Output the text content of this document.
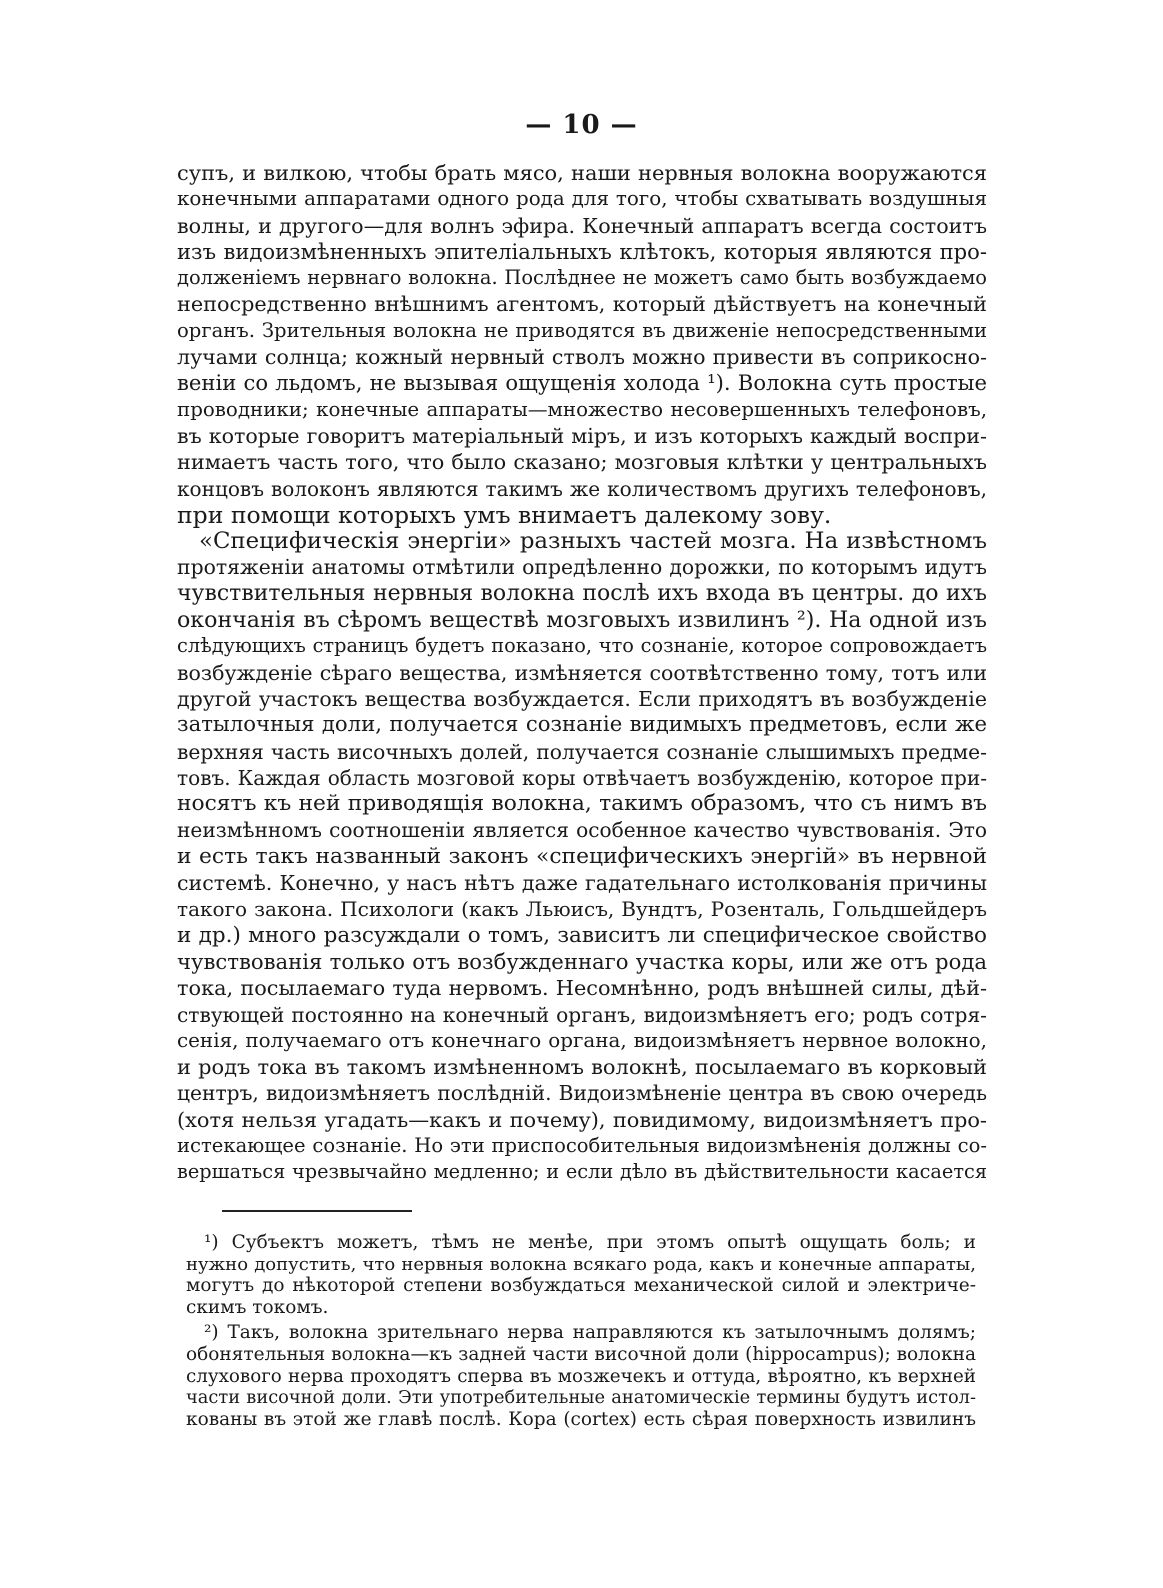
— 10 —
супъ, и вилкою, чтобы брать мясо, наши нервныя волокна вооружаются
конечными аппаратами одного рода для того, чтобы схватывать воздушныя
волны, и другого—для волнъ эфира. Конечный аппаратъ всегда состоитъ
изъ видоизмѣненныхъ эпителіальныхъ клѣтокъ, которыя являются про-
долженіемъ нервнаго волокна. Послѣднее не можетъ само быть возбуждаемо
непосредственно внѣшнимъ агентомъ, который дѣйствуетъ на конечный
органъ. Зрительныя волокна не приводятся въ движеніе непосредственными
лучами солнца; кожный нервный стволъ можно привести въ соприкосно-
веніи со льдомъ, не вызывая ощущенія холода ¹). Волокна суть простые
проводники; конечные аппараты—множество несовершенныхъ телефоновъ,
въ которые говоритъ матеріальный міръ, и изъ которыхъ каждый воспри-
нимаетъ часть того, что было сказано; мозговыя клѣтки у центральныхъ
концовъ волоконъ являются такимъ же количествомъ другихъ телефоновъ,
при помощи которыхъ умъ внимаетъ далекому зову.
«Специфическія энергіи» разныхъ частей мозга. На извѣстномъ
протяженіи анатомы отмѣтили опредѣленно дорожки, по которымъ идутъ
чувствительныя нервныя волокна послѣ ихъ входа въ центры. до ихъ
окончанія въ сѣромъ веществѣ мозговыхъ извилинъ ²). На одной изъ
слѣдующихъ страницъ будетъ показано, что сознаніе, которое сопровождаетъ
возбужденіе сѣраго вещества, измѣняется соотвѣтственно тому, тотъ или
другой участокъ вещества возбуждается. Если приходятъ въ возбужденіе
затылочныя доли, получается сознаніе видимыхъ предметовъ, если же
верхняя часть височныхъ долей, получается сознаніе слышимыхъ предме-
товъ. Каждая область мозговой коры отвѣчаетъ возбужденію, которое при-
носятъ къ ней приводящія волокна, такимъ образомъ, что съ нимъ въ
неизмѣнномъ соотношеніи является особенное качество чувствованія. Это
и есть такъ названный законъ «специфическихъ энергій» въ нервной
системѣ. Конечно, у насъ нѣтъ даже гадательнаго истолкованія причины
такого закона. Психологи (какъ Льюисъ, Вундтъ, Розенталь, Гольдшейдеръ
и др.) много разсуждали о томъ, зависитъ ли специфическое свойство
чувствованія только отъ возбужденнаго участка коры, или же отъ рода
тока, посылаемаго туда нервомъ. Несомнѣнно, родъ внѣшней силы, дѣй-
ствующей постоянно на конечный органъ, видоизмѣняетъ его; родъ сотря-
сенія, получаемаго отъ конечнаго органа, видоизмѣняетъ нервное волокно,
и родъ тока въ такомъ измѣненномъ волокнѣ, посылаемаго въ корковый
центръ, видоизмѣняетъ послѣдній. Видоизмѣненіе центра въ свою очередь
(хотя нельзя угадать—какъ и почему), повидимому, видоизмѣняетъ про-
истекающее сознаніе. Но эти приспособительныя видоизмѣненія должны со-
вершаться чрезвычайно медленно; и если дѣло въ дѣйствительности касается
¹) Субъектъ можетъ, тѣмъ не менѣе, при этомъ опытѣ ощущать боль; и
нужно допустить, что нервныя волокна всякаго рода, какъ и конечные аппараты,
могутъ до нѣкоторой степени возбуждаться механической силой и электриче-
скимъ токомъ.
²) Такъ, волокна зрительнаго нерва направляются къ затылочнымъ долямъ;
обонятельныя волокна—къ задней части височной доли (hippocampus); волокна
слухового нерва проходятъ сперва въ мозжечекъ и оттуда, вѣроятно, къ верхней
части височной доли. Эти употребительные анатомическіе термины будутъ истол-
кованы въ этой же главѣ послѣ. Кора (cortex) есть сѣрая поверхность извилинъ
